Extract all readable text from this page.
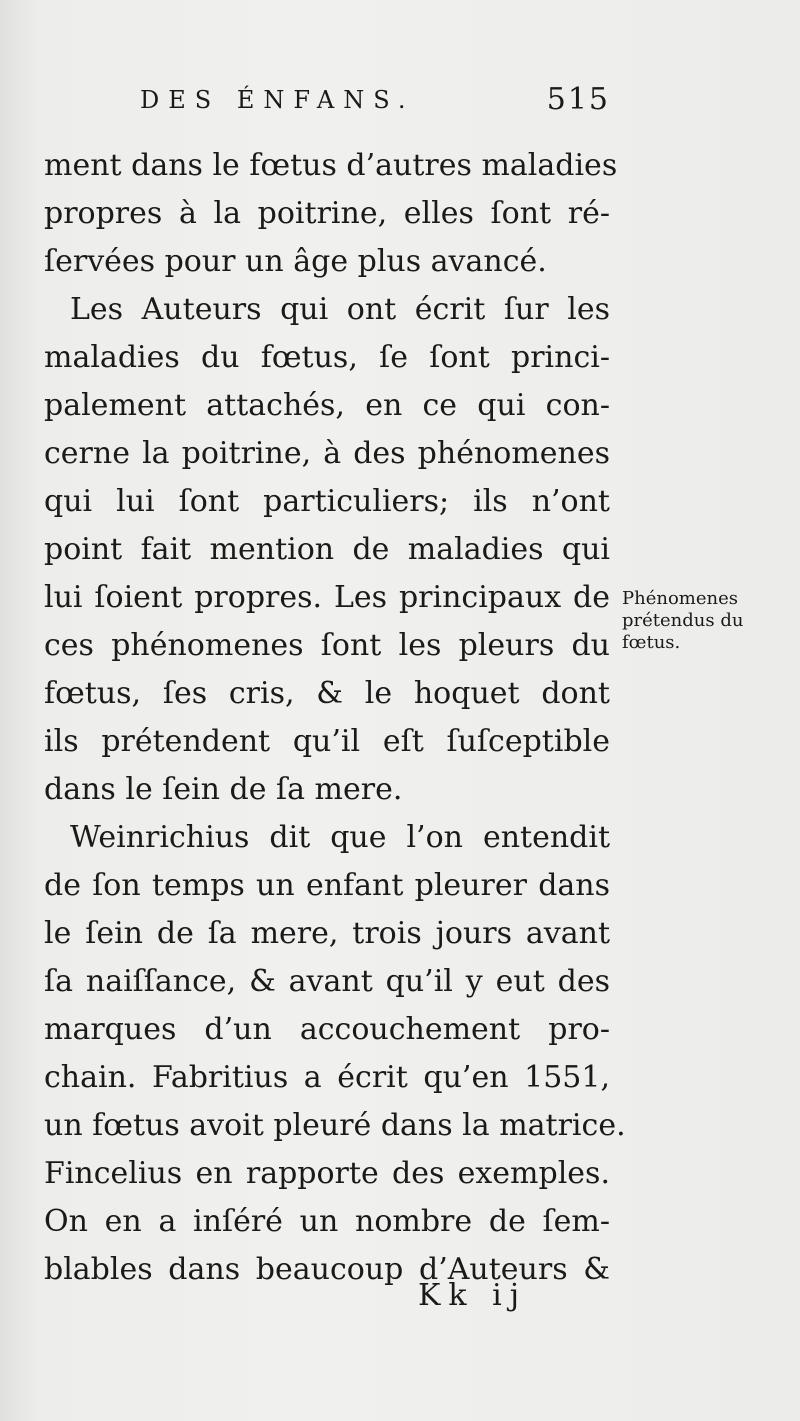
DES ÉNFANS.	515
ment dans le fœtus d’autres maladies
propres à la poitrine, elles ſont ré-
ſervées pour un âge plus avancé.
Les Auteurs qui ont écrit ſur les
maladies du fœtus, ſe ſont princi-
palement attachés, en ce qui con-
cerne la poitrine, à des phénomenes
qui lui ſont particuliers; ils n’ont
point fait mention de maladies qui
lui ſoient propres. Les principaux de
ces phénomenes ſont les pleurs du
fœtus, ſes cris, & le hoquet dont
ils prétendent qu’il eſt ſuſceptible
dans le ſein de ſa mere.
Weinrichius dit que l’on entendit
de ſon temps un enfant pleurer dans
le ſein de ſa mere, trois jours avant
ſa naiſſance, & avant qu’il y eut des
marques d’un accouchement pro-
chain. Fabritius a écrit qu’en 1551,
un fœtus avoit pleuré dans la matrice.
Fincelius en rapporte des exemples.
On en a inſéré un nombre de ſem-
blables dans beaucoup d’Auteurs &
Phénomenes
prétendus du
fœtus.
Kk ij
